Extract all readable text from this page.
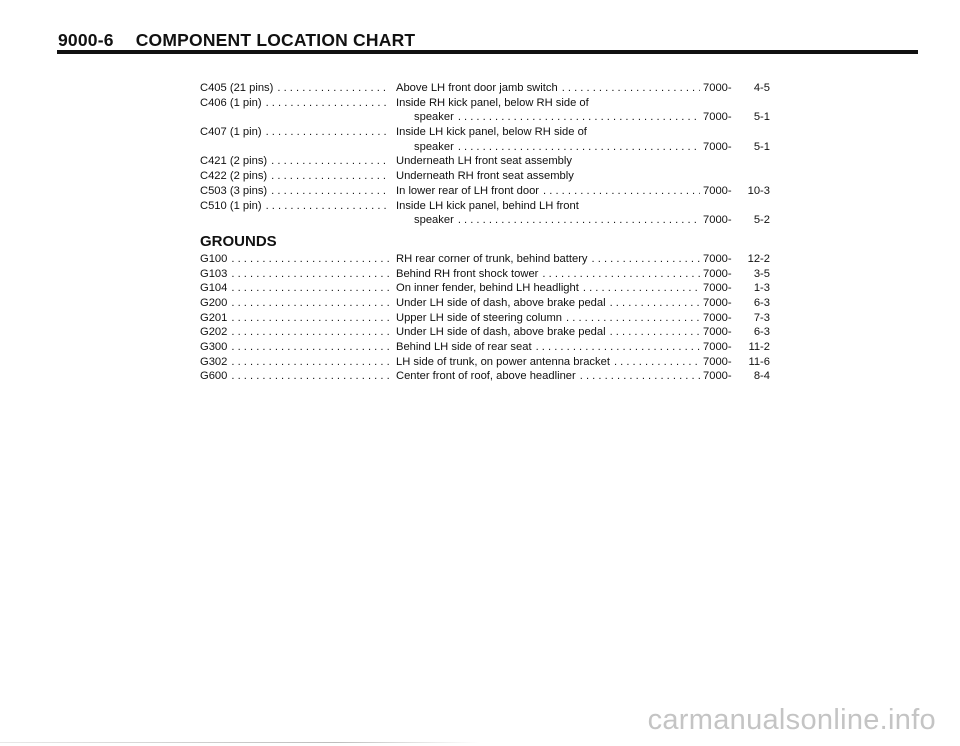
9000-6 COMPONENT LOCATION CHART
C405 (21 pins) .....	Above LH front door jamb switch .....	7000-	4-5
C406 (1 pin) .....	Inside RH kick panel, below RH side of
speaker .....	7000-	5-1
C407 (1 pin) .....	Inside LH kick panel, below RH side of
speaker .....	7000-	5-1
C421 (2 pins) .....	Underneath LH front seat assembly
C422 (2 pins) .....	Underneath RH front seat assembly
C503 (3 pins) .....	In lower rear of LH front door .....	7000-	10-3
C510 (1 pin) .....	Inside LH kick panel, behind LH front
speaker .....	7000-	5-2
GROUNDS
G100 .....	RH rear corner of trunk, behind battery .....	7000-	12-2
G103 .....	Behind RH front shock tower .....	7000-	3-5
G104 .....	On inner fender, behind LH headlight .....	7000-	1-3
G200 .....	Under LH side of dash, above brake pedal .....	7000-	6-3
G201 .....	Upper LH side of steering column .....	7000-	7-3
G202 .....	Under LH side of dash, above brake pedal .....	7000-	6-3
G300 .....	Behind LH side of rear seat .....	7000-	11-2
G302 .....	LH side of trunk, on power antenna bracket .....	7000-	11-6
G600 .....	Center front of roof, above headliner .....	7000-	8-4
carmanualsonline.info
